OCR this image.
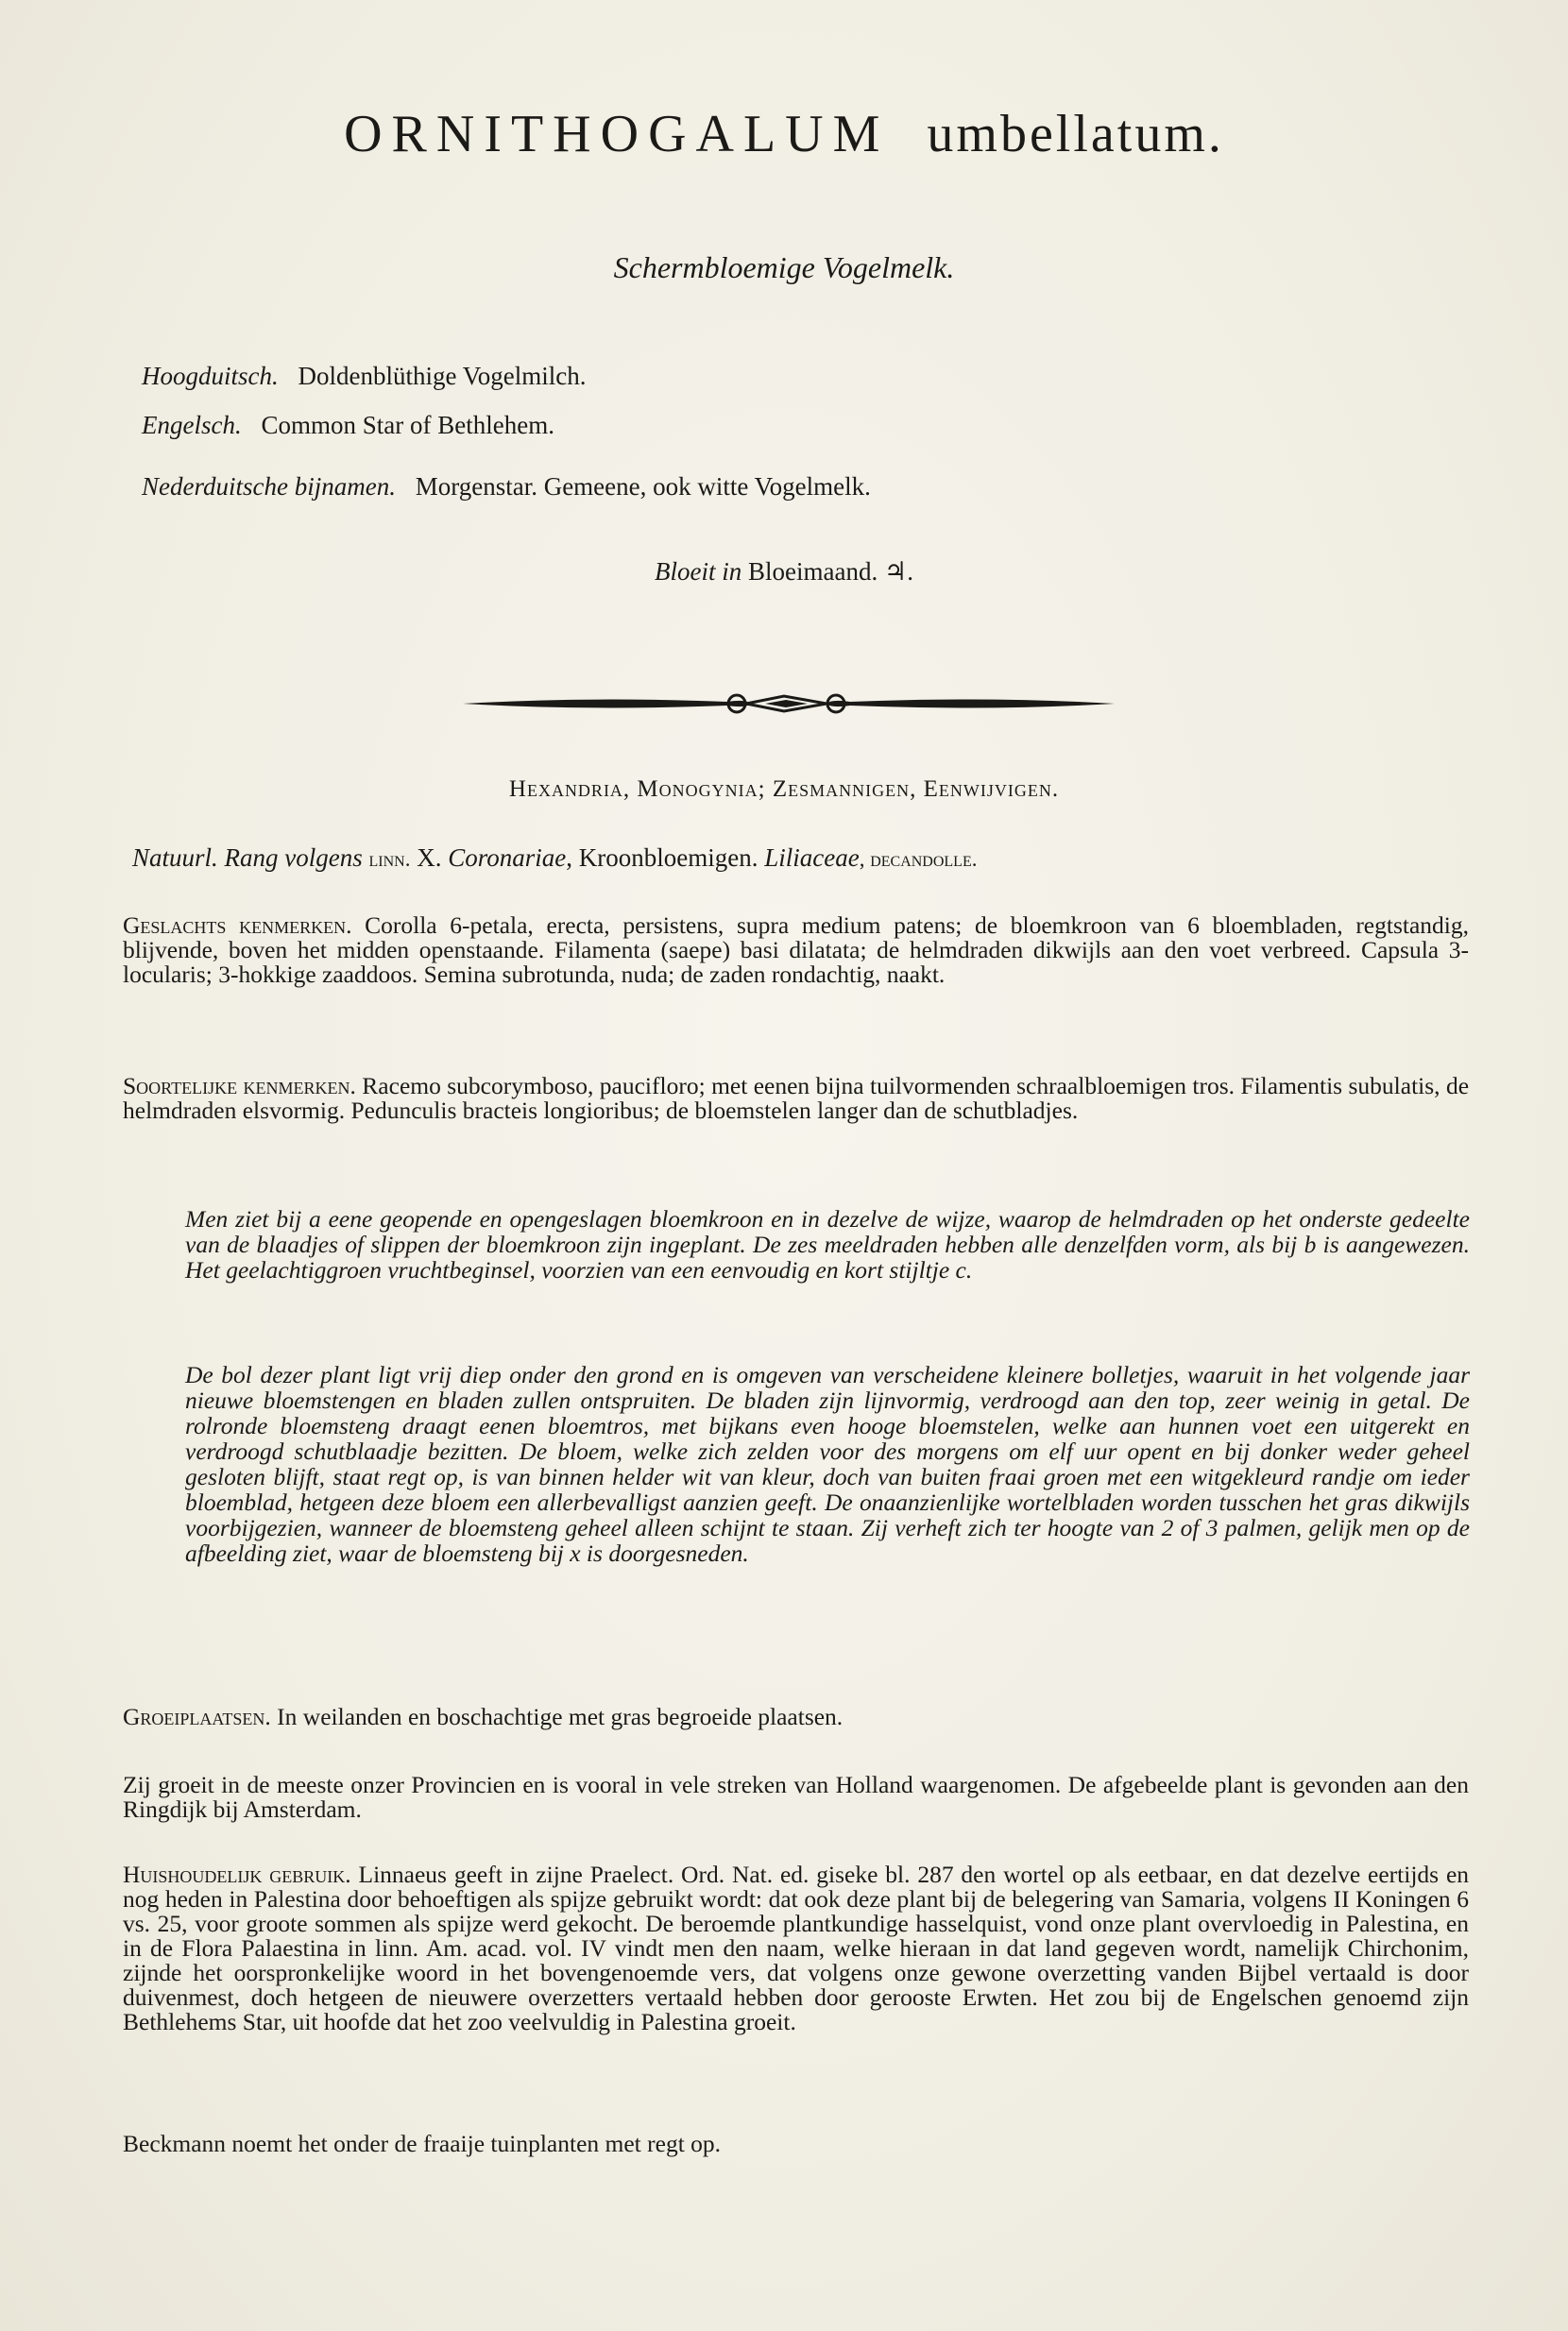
ORNITHOGALUM umbellatum.
Schermbloemige Vogelmelk.
Hoogduitsch. Doldenblüthige Vogelmilch.
Engelsch. Common Star of Bethlehem.
Nederduitsche bijnamen. Morgenstar. Gemeene, ook witte Vogelmelk.
Bloeit in Bloeimaand. ♃.
Hexandria, Monogynia; Zesmannigen, Eenwijvigen.
Natuurl. Rang volgens linn. X. Coronariae, Kroonbloemigen. Liliaceae, decandolle.
Geslachts kenmerken. Corolla 6-petala, erecta, persistens, supra medium patens; de bloemkroon van 6 bloembladen, regtstandig, blijvende, boven het midden openstaande. Filamenta (saepe) basi dilatata; de helmdraden dikwijls aan den voet verbreed. Capsula 3-locularis; 3-hokkige zaaddoos. Semina subrotunda, nuda; de zaden rondachtig, naakt.
Soortelijke kenmerken. Racemo subcorymboso, paucifloro; met eenen bijna tuilvormenden schraalbloemigen tros. Filamentis subulatis, de helmdraden elsvormig. Pedunculis bracteis longioribus; de bloemstelen langer dan de schutbladjes.
Men ziet bij a eene geopende en opengeslagen bloemkroon en in dezelve de wijze, waarop de helmdraden op het onderste gedeelte van de blaadjes of slippen der bloemkroon zijn ingeplant. De zes meeldraden hebben alle denzelfden vorm, als bij b is aangewezen. Het geelachtiggroen vruchtbeginsel, voorzien van een eenvoudig en kort stijltje c.
De bol dezer plant ligt vrij diep onder den grond en is omgeven van verscheidene kleinere bolletjes, waaruit in het volgende jaar nieuwe bloemstengen en bladen zullen ontspruiten. De bladen zijn lijnvormig, verdroogd aan den top, zeer weinig in getal. De rolronde bloemsteng draagt eenen bloemtros, met bijkans even hooge bloemstelen, welke aan hunnen voet een uitgerekt en verdroogd schutblaadje bezitten. De bloem, welke zich zelden voor des morgens om elf uur opent en bij donker weder geheel gesloten blijft, staat regt op, is van binnen helder wit van kleur, doch van buiten fraai groen met een witgekleurd randje om ieder bloemblad, hetgeen deze bloem een allerbevalligst aanzien geeft. De onaanzienlijke wortelbladen worden tusschen het gras dikwijls voorbijgezien, wanneer de bloemsteng geheel alleen schijnt te staan. Zij verheft zich ter hoogte van 2 of 3 palmen, gelijk men op de afbeelding ziet, waar de bloemsteng bij x is doorgesneden.
Groeiplaatsen. In weilanden en boschachtige met gras begroeide plaatsen.
Zij groeit in de meeste onzer Provincien en is vooral in vele streken van Holland waargenomen. De afgebeelde plant is gevonden aan den Ringdijk bij Amsterdam.
Huishoudelijk gebruik. Linnaeus geeft in zijne Praelect. Ord. Nat. ed. giseke bl. 287 den wortel op als eetbaar, en dat dezelve eertijds en nog heden in Palestina door behoeftigen als spijze gebruikt wordt: dat ook deze plant bij de belegering van Samaria, volgens II Koningen 6 vs. 25, voor groote sommen als spijze werd gekocht. De beroemde plantkundige hasselquist, vond onze plant overvloedig in Palestina, en in de Flora Palaestina in linn. Am. acad. vol. IV vindt men den naam, welke hieraan in dat land gegeven wordt, namelijk Chirchonim, zijnde het oorspronkelijke woord in het bovengenoemde vers, dat volgens onze gewone overzetting vanden Bijbel vertaald is door duivenmest, doch hetgeen de nieuwere overzetters vertaald hebben door gerooste Erwten. Het zou bij de Engelschen genoemd zijn Bethlehems Star, uit hoofde dat het zoo veelvuldig in Palestina groeit.
Beckmann noemt het onder de fraaije tuinplanten met regt op.
